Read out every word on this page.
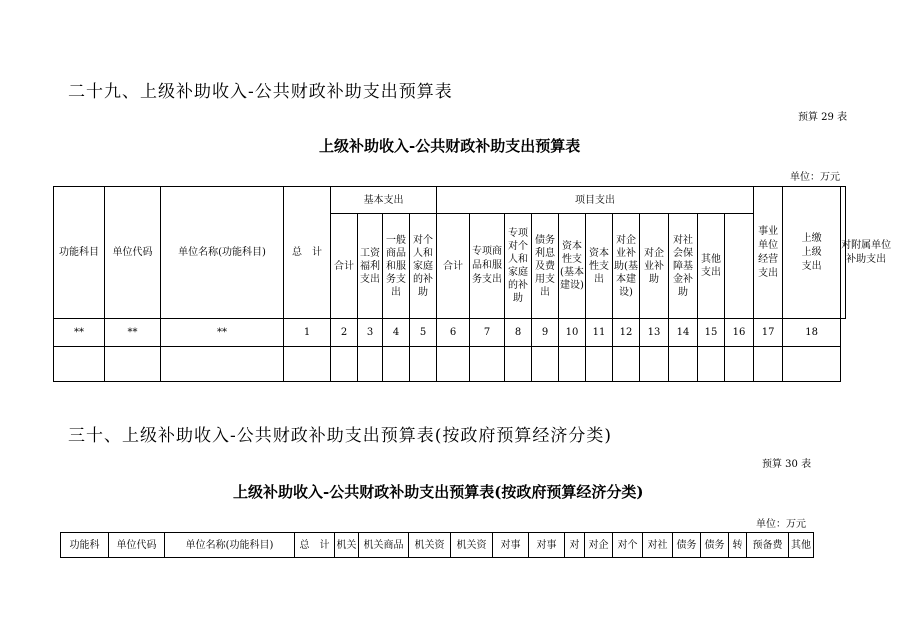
二十九、上级补助收入-公共财政补助支出预算表
预算 29 表
上级补助收入-公共财政补助支出预算表
单位：万元
功能科目	单位代码	单位名称(功能科目)	总　计	基本支出				项目支出											事业单位经营支出	上缴上级支出	对附属单位补助支出
				合计	工资福利支出	一般商品和服务支出	对个人和家庭的补助	合计	专项商品和服务支出	专项对个人和家庭的补助	债务利息及费用支出	资本性支(基本建设)	资本性支出	对企业补助(基本建设)	对企业补助	对社会保障基金补助	其他支出				
**	**	**	1	2	3	4	5	6	7	8	9	10	11	12	13	14	15	16	17	18	

三十、上级补助收入-公共财政补助支出预算表(按政府预算经济分类)
预算 30 表
上级补助收入-公共财政补助支出预算表(按政府预算经济分类)
单位：万元
功能科	单位代码	单位名称(功能科目)	总　计	机关	机关商品	机关资	机关资	对事	对事	对	对企	对个	对社	债务	债务	转	预备费	其他
